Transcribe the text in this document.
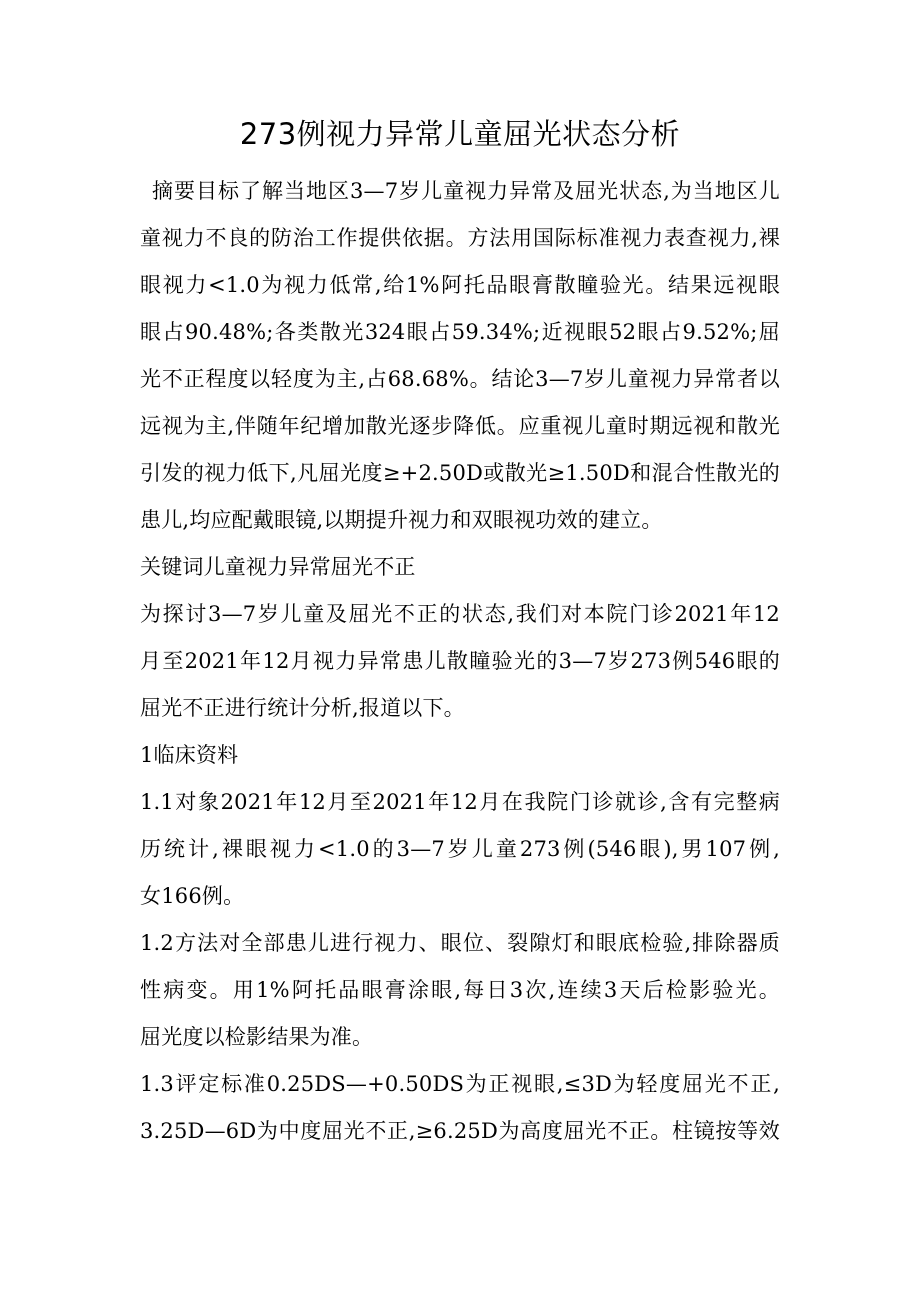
273例视力异常儿童屈光状态分析
摘要目标了解当地区3—7岁儿童视力异常及屈光状态,为当地区儿
童视力不良的防治工作提供依据。方法用国际标准视力表查视力,裸
眼视力<1.0为视力低常,给1%阿托品眼膏散瞳验光。结果远视眼
眼占90.48%;各类散光324眼占59.34%;近视眼52眼占9.52%;屈
光不正程度以轻度为主,占68.68%。结论3—7岁儿童视力异常者以
远视为主,伴随年纪增加散光逐步降低。应重视儿童时期远视和散光
引发的视力低下,凡屈光度≥+2.50D或散光≥1.50D和混合性散光的
患儿,均应配戴眼镜,以期提升视力和双眼视功效的建立。
关键词儿童视力异常屈光不正
为探讨3—7岁儿童及屈光不正的状态,我们对本院门诊2021年12
月至2021年12月视力异常患儿散瞳验光的3—7岁273例546眼的
屈光不正进行统计分析,报道以下。
1临床资料
1.1对象2021年12月至2021年12月在我院门诊就诊,含有完整病
历统计,裸眼视力<1.0的3—7岁儿童273例(546眼),男107例,
女166例。
1.2方法对全部患儿进行视力、眼位、裂隙灯和眼底检验,排除器质
性病变。用1%阿托品眼膏涂眼,每日3次,连续3天后检影验光。
屈光度以检影结果为准。
1.3评定标准0.25DS—+0.50DS为正视眼,≤3D为轻度屈光不正,
3.25D—6D为中度屈光不正,≥6.25D为高度屈光不正。柱镜按等效
